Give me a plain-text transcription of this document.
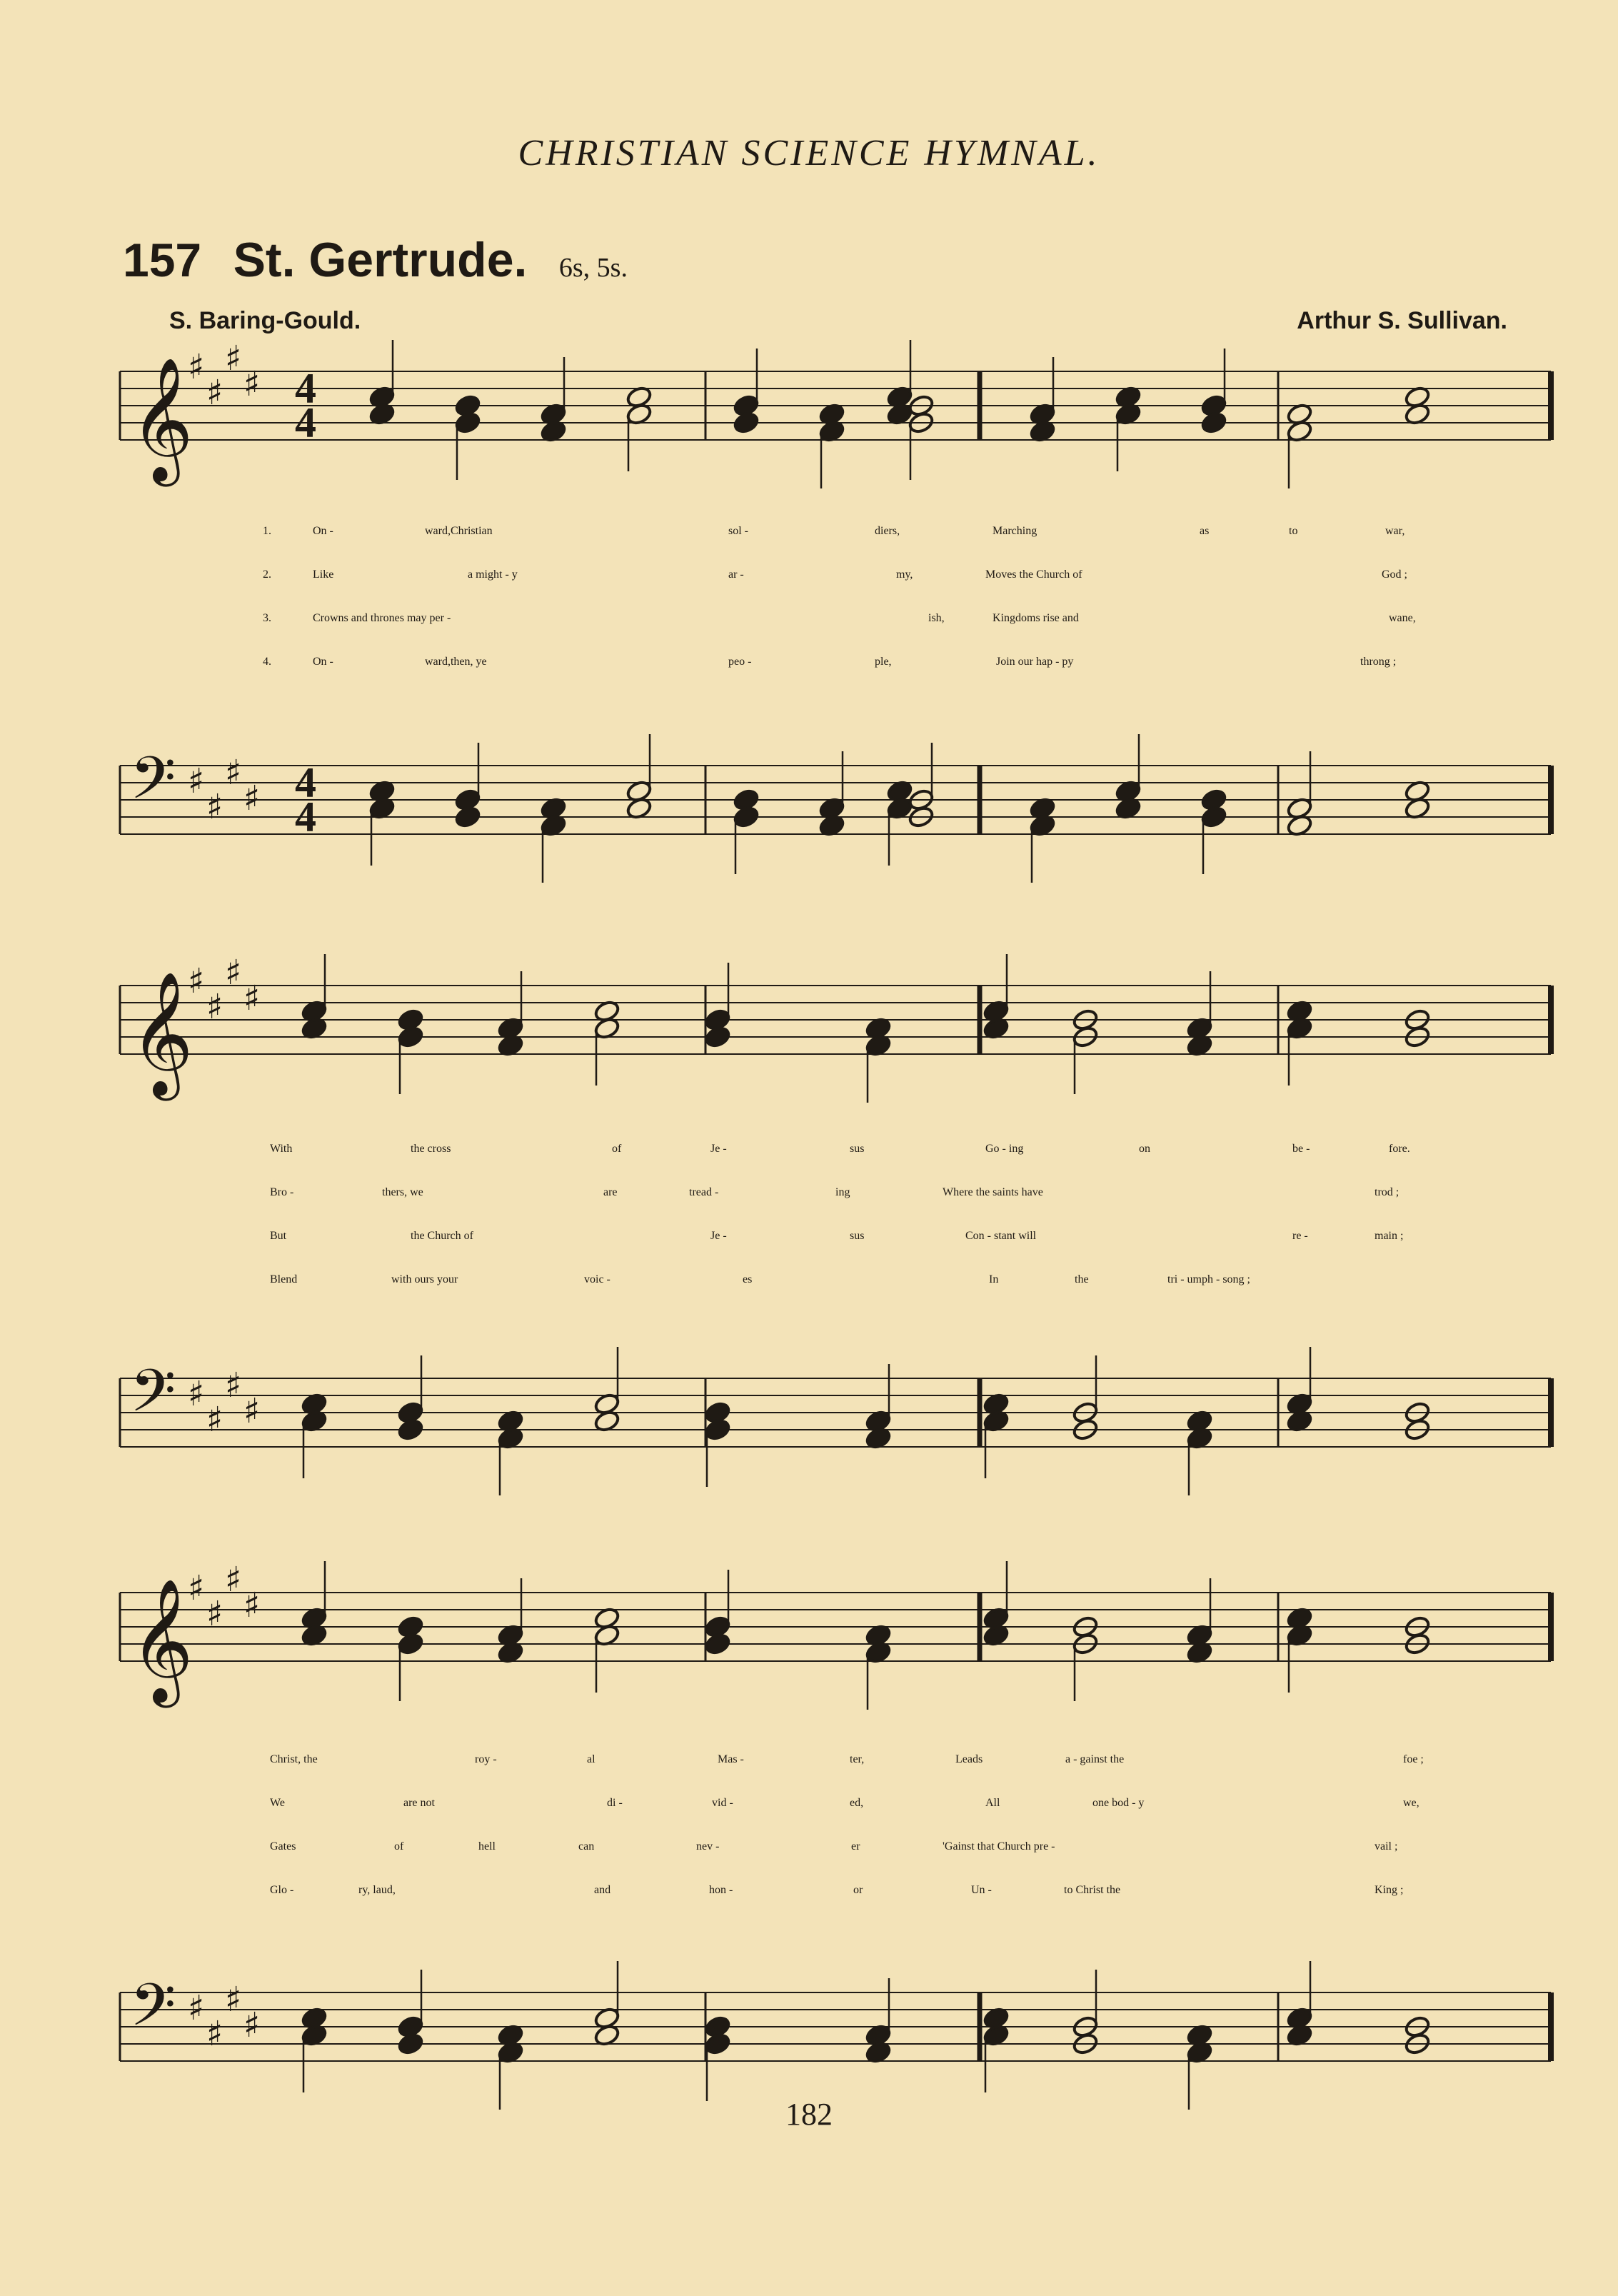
CHRISTIAN SCIENCE HYMNAL.
157 St. Gertrude. 6s, 5s.
S. Baring-Gould.	Arthur S. Sullivan.
𝄞
♯
♯
♯
♯ 4
4
𝄢 ♯
♯
♯
♯ 4
4
𝄞
♯
♯
♯
♯
𝄢 ♯
♯
♯
♯
𝄞
♯
♯
♯
♯
𝄢 ♯
♯
♯
♯
1.	On -	ward,Christian	sol -	diers,	Marching	as	to	war,
2.	Like	a might - y	ar -	my,	Moves the Church of	God ;
3.	Crowns and thrones may per -	ish,	Kingdoms rise and	wane,
4.	On -	ward,then, ye	peo -	ple,	Join our hap - py	throng ;
With	the cross	of	Je -	sus	Go - ing	on	be -	fore.
Bro -	thers, we	are	tread -	ing	Where the saints have	trod ;
But	the Church of	Je -	sus	Con - stant will	re -	main ;
Blend	with ours your	voic -	es	In	the	tri - umph - song ;
Christ, the	roy -	al	Mas -	ter,	Leads	a - gainst the	foe ;
We	are not	di -	vid -	ed,	All	one bod - y	we,
Gates	of	hell	can	nev -	er	'Gainst that Church pre -	vail ;
Glo -	ry, laud,	and	hon -	or	Un -	to Christ the	King ;
182
